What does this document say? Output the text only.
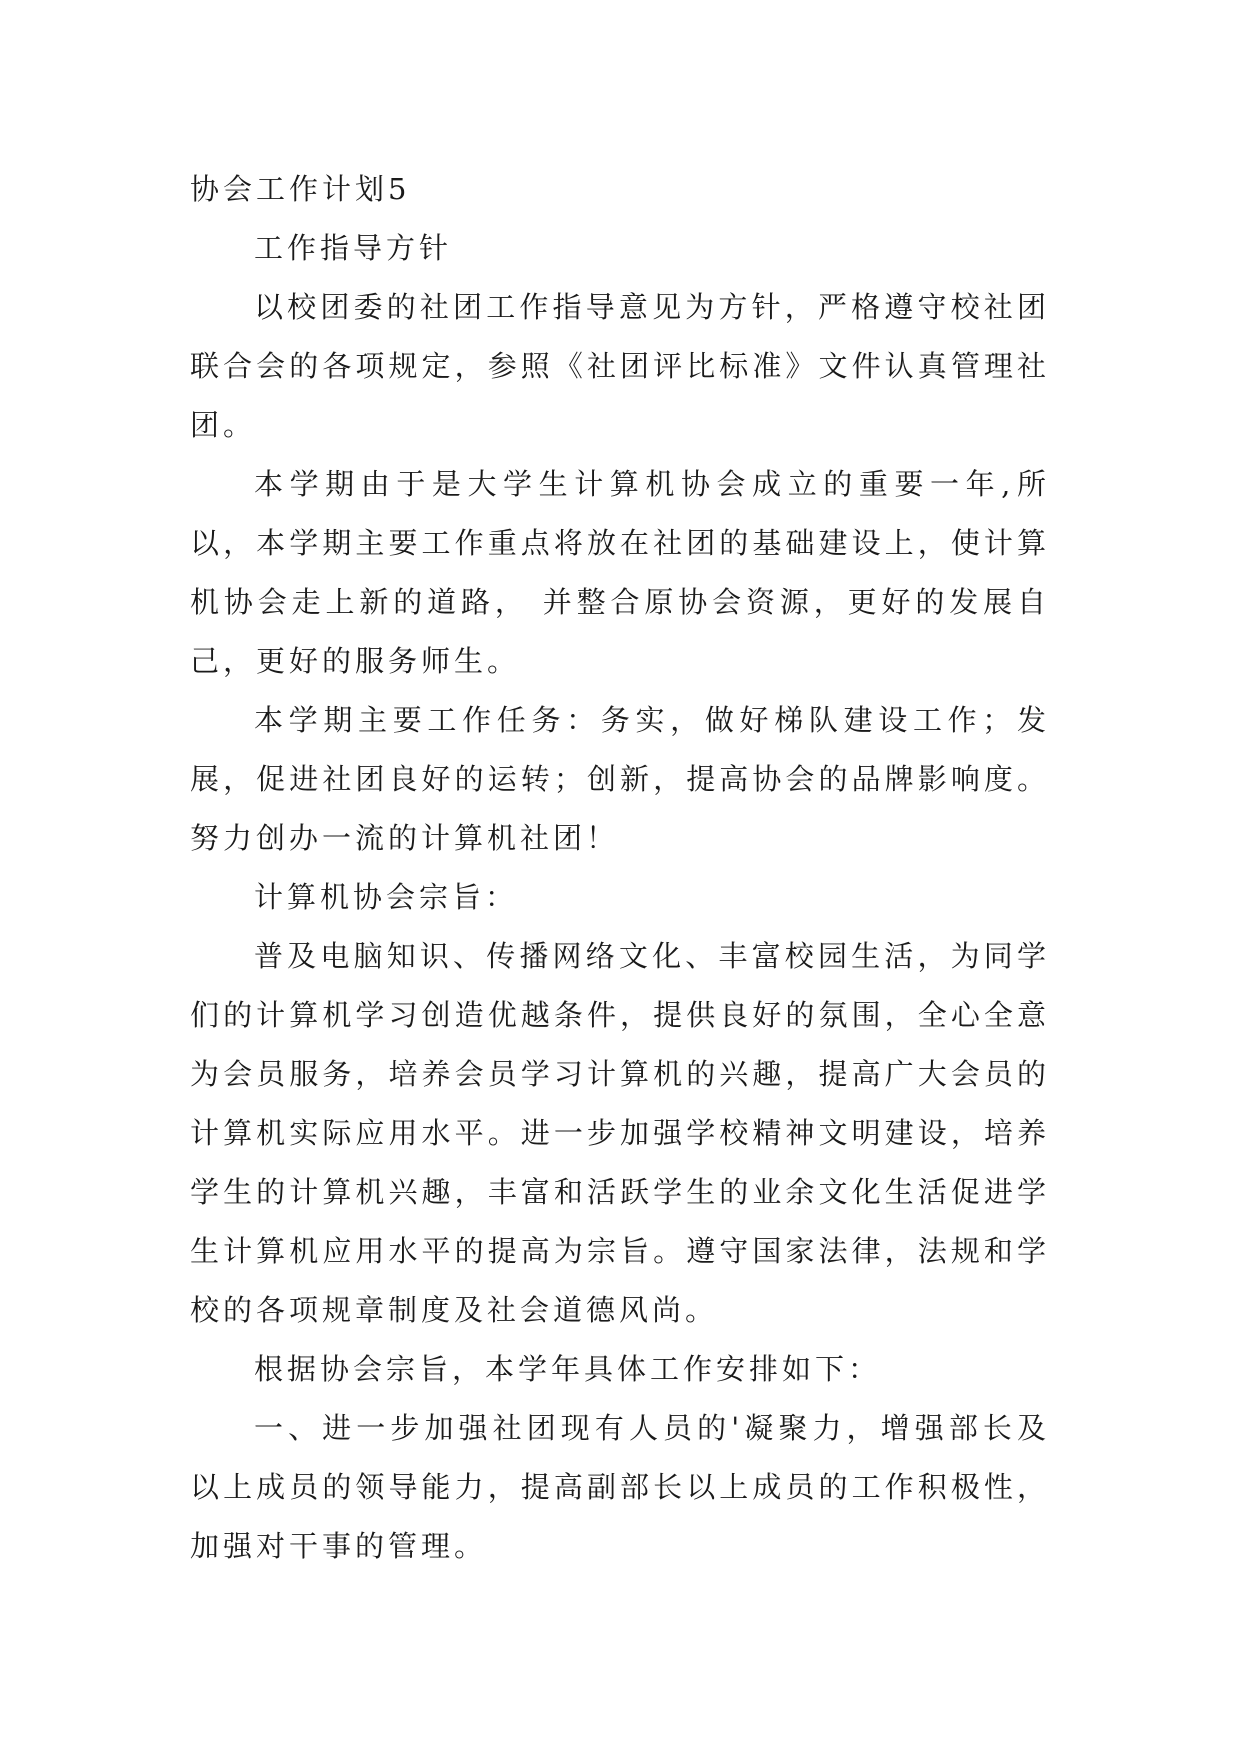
协会工作计划5

工作指导方针

以校团委的社团工作指导意见为方针，严格遵守校社团联合会的各项规定，参照《社团评比标准》文件认真管理社团。

本学期由于是大学生计算机协会成立的重要一年,所以，本学期主要工作重点将放在社团的基础建设上，使计算机协会走上新的道路， 并整合原协会资源，更好的发展自己，更好的服务师生。

本学期主要工作任务：务实，做好梯队建设工作；发展，促进社团良好的运转；创新，提高协会的品牌影响度。努力创办一流的计算机社团！

计算机协会宗旨：

普及电脑知识、传播网络文化、丰富校园生活，为同学们的计算机学习创造优越条件，提供良好的氛围，全心全意为会员服务，培养会员学习计算机的兴趣，提高广大会员的计算机实际应用水平。进一步加强学校精神文明建设，培养学生的计算机兴趣，丰富和活跃学生的业余文化生活促进学生计算机应用水平的提高为宗旨。遵守国家法律，法规和学校的各项规章制度及社会道德风尚。

根据协会宗旨，本学年具体工作安排如下：

一、进一步加强社团现有人员的'凝聚力，增强部长及以上成员的领导能力，提高副部长以上成员的工作积极性，加强对干事的管理。
